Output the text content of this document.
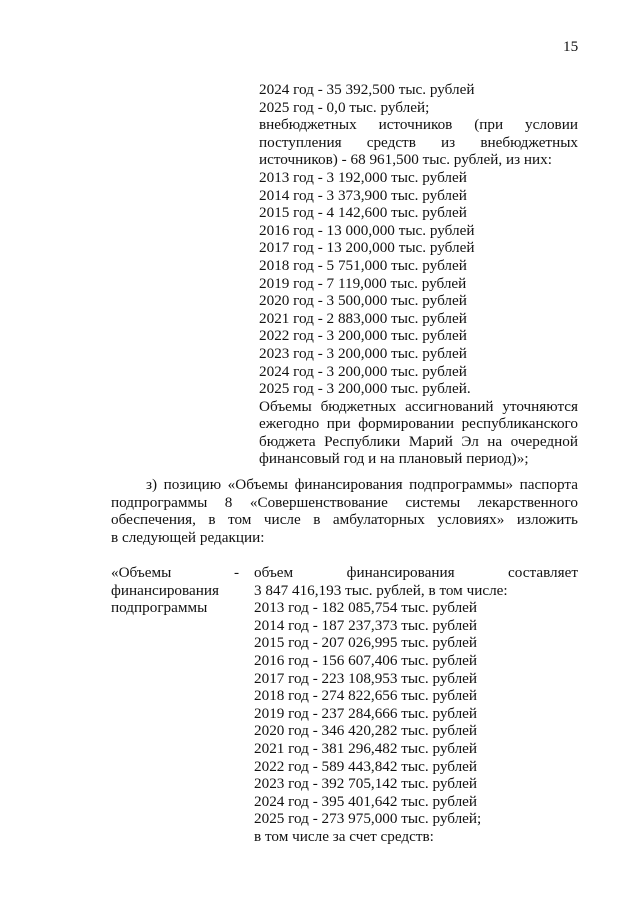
15
2024 год - 35 392,500 тыс. рублей
2025 год - 0,0 тыс. рублей;
внебюджетных источников (при условии
поступления средств из внебюджетных
источников) - 68 961,500 тыс. рублей, из них:
2013 год - 3 192,000 тыс. рублей
2014 год - 3 373,900 тыс. рублей
2015 год - 4 142,600 тыс. рублей
2016 год - 13 000,000 тыс. рублей
2017 год - 13 200,000 тыс. рублей
2018 год - 5 751,000 тыс. рублей
2019 год - 7 119,000 тыс. рублей
2020 год - 3 500,000 тыс. рублей
2021 год - 2 883,000 тыс. рублей
2022 год - 3 200,000 тыс. рублей
2023 год - 3 200,000 тыс. рублей
2024 год - 3 200,000 тыс. рублей
2025 год - 3 200,000 тыс. рублей.
Объемы бюджетных ассигнований уточняются
ежегодно при формировании республиканского
бюджета Республики Марий Эл на очередной
финансовый год и на плановый период)»;
з) позицию «Объемы финансирования подпрограммы» паспорта
подпрограммы 8 «Совершенствование системы лекарственного
обеспечения, в том числе в амбулаторных условиях» изложить
в следующей редакции:
«Объемы
финансирования
подпрограммы
- объем	финансирования	составляет
3 847 416,193 тыс. рублей, в том числе:
2013 год - 182 085,754 тыс. рублей
2014 год - 187 237,373 тыс. рублей
2015 год - 207 026,995 тыс. рублей
2016 год - 156 607,406 тыс. рублей
2017 год - 223 108,953 тыс. рублей
2018 год - 274 822,656 тыс. рублей
2019 год - 237 284,666 тыс. рублей
2020 год - 346 420,282 тыс. рублей
2021 год - 381 296,482 тыс. рублей
2022 год - 589 443,842 тыс. рублей
2023 год - 392 705,142 тыс. рублей
2024 год - 395 401,642 тыс. рублей
2025 год - 273 975,000 тыс. рублей;
в том числе за счет средств:
